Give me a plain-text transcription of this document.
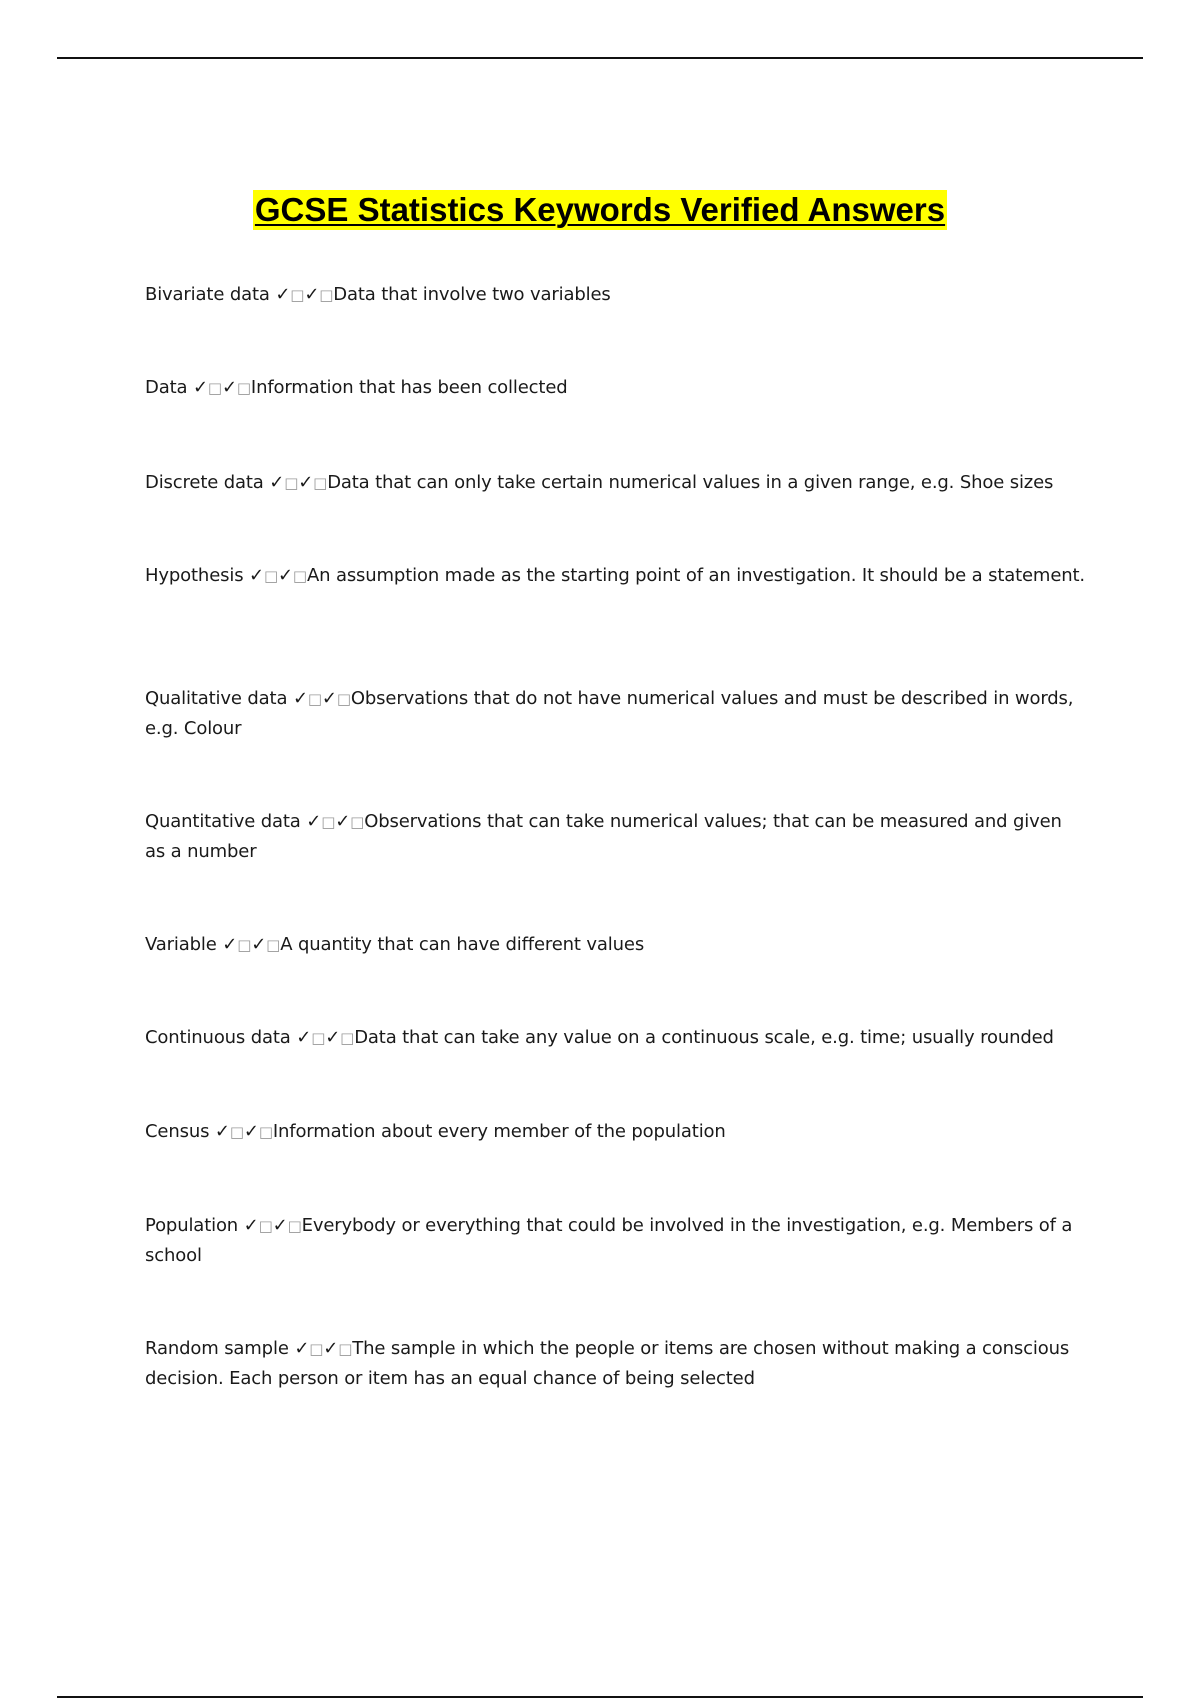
GCSE Statistics Keywords Verified Answers
Bivariate data ✓□✓□Data that involve two variables
Data ✓□✓□Information that has been collected
Discrete data ✓□✓□Data that can only take certain numerical values in a given range, e.g. Shoe sizes
Hypothesis ✓□✓□An assumption made as the starting point of an investigation. It should be a statement.
Qualitative data ✓□✓□Observations that do not have numerical values and must be described in words, e.g. Colour
Quantitative data ✓□✓□Observations that can take numerical values; that can be measured and given as a number
Variable ✓□✓□A quantity that can have different values
Continuous data ✓□✓□Data that can take any value on a continuous scale, e.g. time; usually rounded
Census ✓□✓□Information about every member of the population
Population ✓□✓□Everybody or everything that could be involved in the investigation, e.g. Members of a school
Random sample ✓□✓□The sample in which the people or items are chosen without making a conscious decision. Each person or item has an equal chance of being selected
